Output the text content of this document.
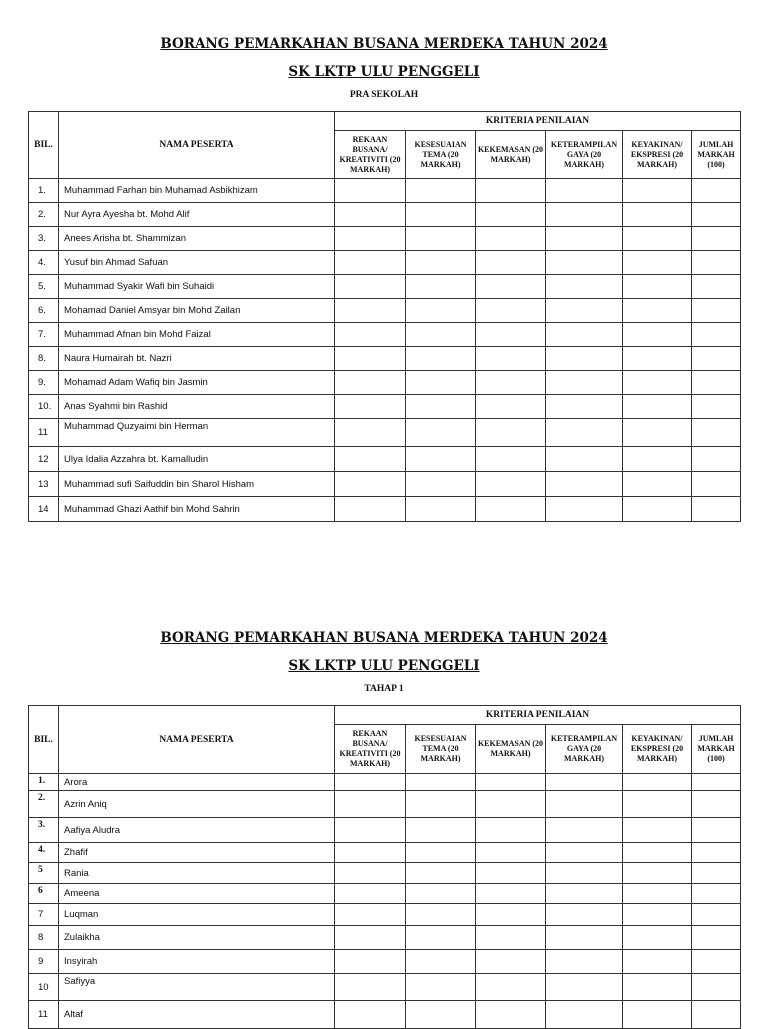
BORANG PEMARKAHAN BUSANA MERDEKA TAHUN 2024
SK LKTP ULU PENGGELI
PRA SEKOLAH
BIL.	NAMA PESERTA	KRITERIA PENILAIAN					
		REKAAN BUSANA/ KREATIVITI (20 MARKAH)	KESESUAIAN TEMA (20 MARKAH)	KEKEMASAN (20 MARKAH)	KETERAMPILAN GAYA (20 MARKAH)	KEYAKINAN/ EKSPRESI (20 MARKAH)	JUMLAH MARKAH (100)
1.	Muhammad Farhan bin Muhamad Asbikhizam						
2.	Nur Ayra Ayesha bt. Mohd Alif						
3.	Anees Arisha bt. Shammizan						
4.	Yusuf bin Ahmad Safuan						
5.	Muhammad Syakir Wafi bin Suhaidi						
6.	Mohamad Daniel Amsyar bin Mohd Zailan						
7.	Muhammad Afnan bin Mohd Faizal						
8.	Naura Humairah bt. Nazri						
9.	Mohamad Adam Wafiq bin Jasmin						
10.	Anas Syahmi bin Rashid						
11	Muhammad Quzyaimi bin Herman						
12	Ulya Idalia Azzahra bt. Kamalludin						
13	Muhammad sufi Saifuddin bin Sharol Hisham						
14	Muhammad Ghazi Aathif bin Mohd Sahrin						
BORANG PEMARKAHAN BUSANA MERDEKA TAHUN 2024
SK LKTP ULU PENGGELI
TAHAP 1
BIL.	NAMA PESERTA	KRITERIA PENILAIAN					
		REKAAN BUSANA/ KREATIVITI (20 MARKAH)	KESESUAIAN TEMA (20 MARKAH)	KEKEMASAN (20 MARKAH)	KETERAMPILAN GAYA (20 MARKAH)	KEYAKINAN/ EKSPRESI (20 MARKAH)	JUMLAH MARKAH (100)
1.	Arora						
2.	Azrin Aniq						
3.	Aafiya Aludra						
4.	Zhafif						
5	Rania						
6	Ameena						
7	Luqman						
8	Zulaikha						
9	Insyirah						
10	Safiyya						
11	Altaf						
